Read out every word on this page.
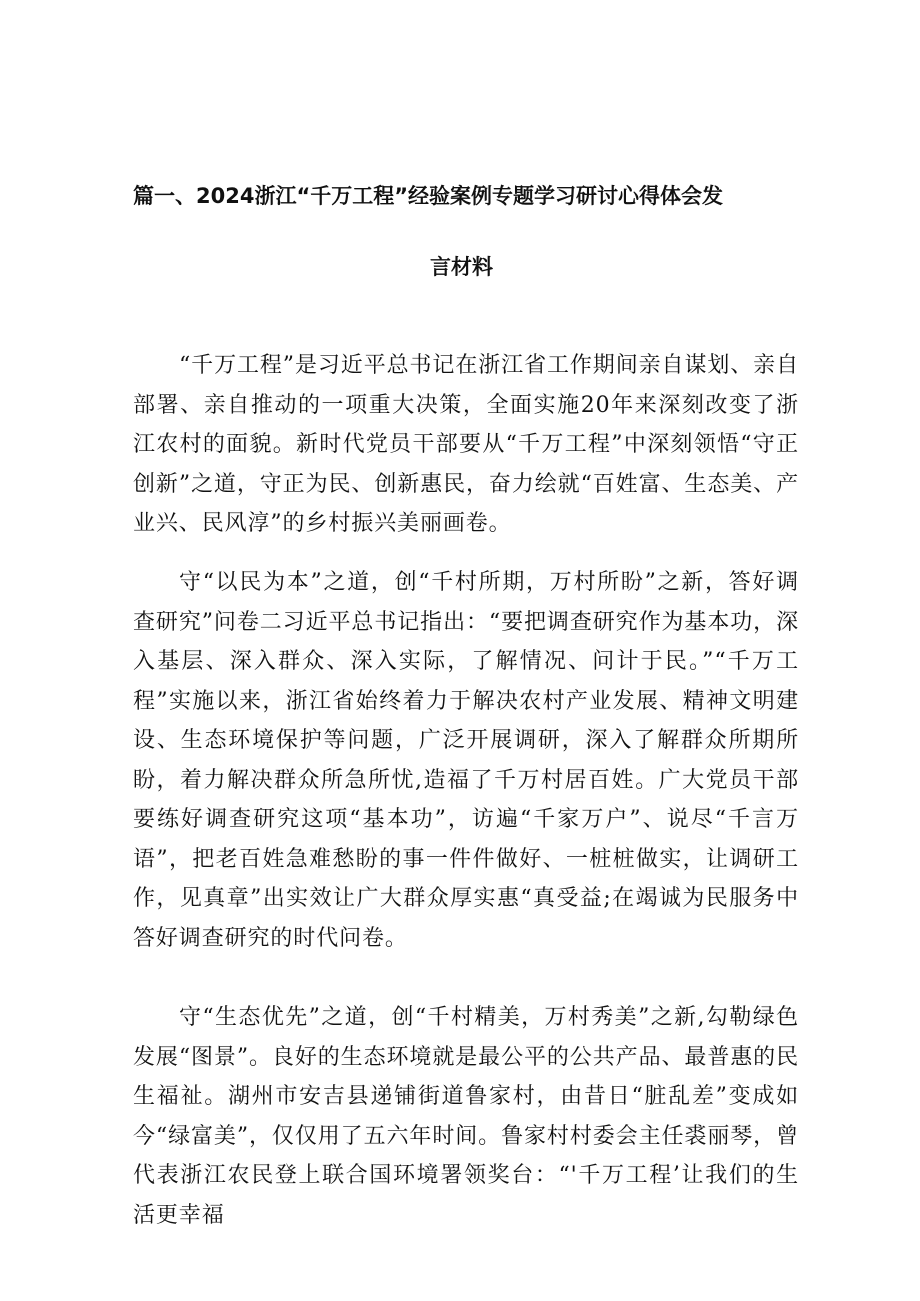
篇一、2024浙江“千万工程”经验案例专题学习研讨心得体会发
言材料
“千万工程”是习近平总书记在浙江省工作期间亲自谋划、亲自部署、亲自推动的一项重大决策，全面实施20年来深刻改变了浙江农村的面貌。新时代党员干部要从“千万工程”中深刻领悟“守正创新”之道，守正为民、创新惠民，奋力绘就“百姓富、生态美、产业兴、民风淳”的乡村振兴美丽画卷。
守“以民为本”之道，创“千村所期，万村所盼”之新，答好调查研究”问卷二习近平总书记指出：“要把调查研究作为基本功，深入基层、深入群众、深入实际，了解情况、问计于民。”“千万工程”实施以来，浙江省始终着力于解决农村产业发展、精神文明建设、生态环境保护等问题，广泛开展调研，深入了解群众所期所盼，着力解决群众所急所忧,造福了千万村居百姓。广大党员干部要练好调查研究这项“基本功”，访遍“千家万户”、说尽“千言万语”，把老百姓急难愁盼的事一件件做好、一桩桩做实，让调研工作，见真章”出实效让广大群众厚实惠“真受益;在竭诚为民服务中答好调查研究的时代问卷。
守“生态优先”之道，创“千村精美，万村秀美”之新,勾勒绿色发展“图景”。良好的生态环境就是最公平的公共产品、最普惠的民生福祉。湖州市安吉县递铺街道鲁家村，由昔日“脏乱差”变成如今“绿富美”，仅仅用了五六年时间。鲁家村村委会主任裘丽琴，曾代表浙江农民登上联合国环境署领奖台：“'千万工程’让我们的生活更幸福
